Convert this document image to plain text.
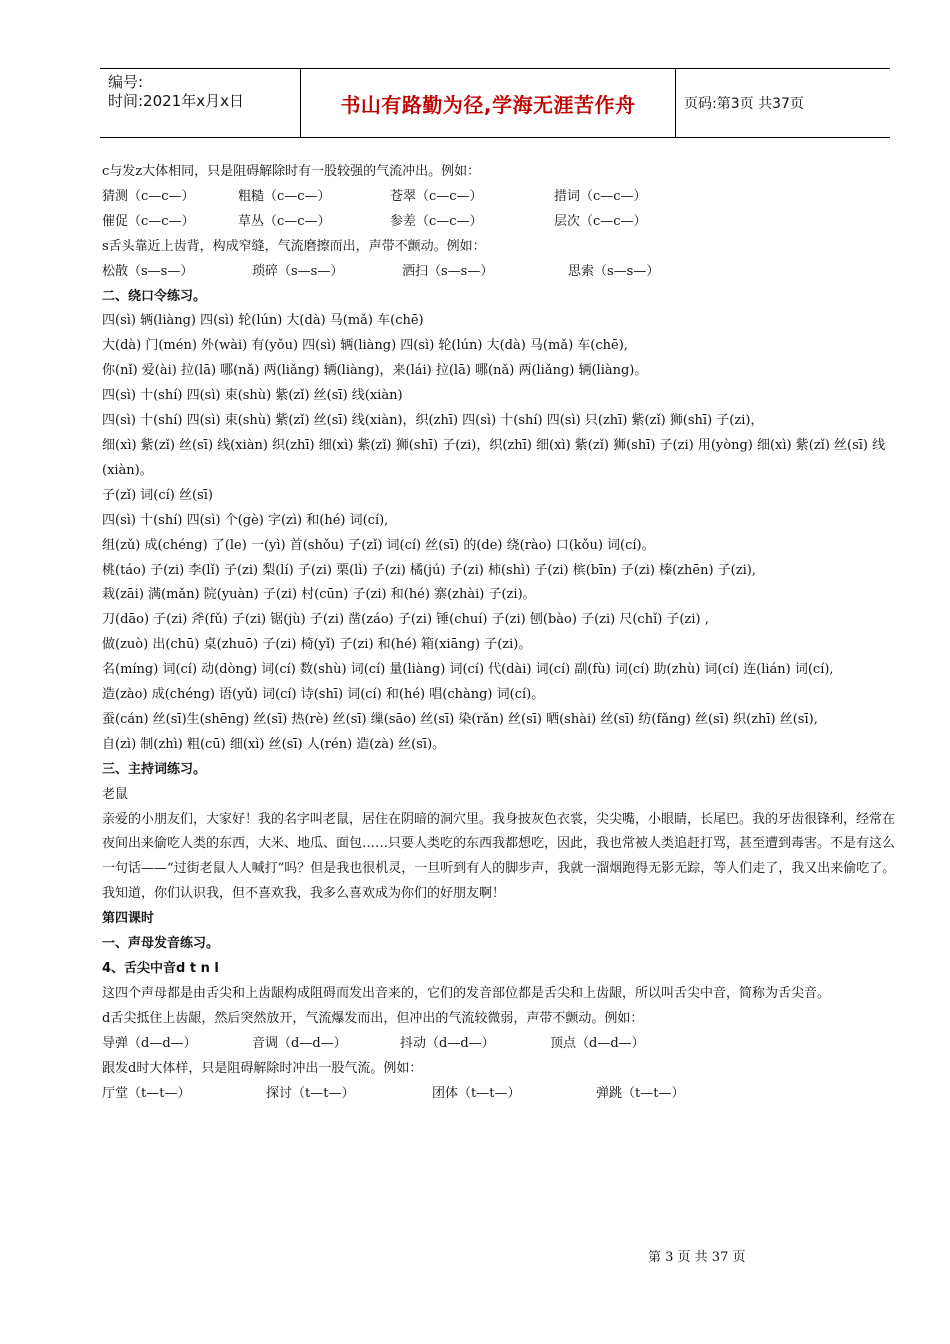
编号:
时间:2021年x月x日	书山有路勤为径,学海无涯苦作舟	页码:第3页 共37页

c与发z大体相同，只是阻碍解除时有一股较强的气流冲出。例如：

猜测（c—c—）	粗糙（c—c—）	苍翠（c—c—）	措词（c—c—）
催促（c—c—）	草丛（c—c—）	参差（c—c—）	层次（c—c—）

s舌头靠近上齿背，构成窄缝，气流磨擦而出，声带不颤动。例如：

松散（s—s—）	琐碎（s—s—）	洒扫（s—s—）	思索（s—s—）

二、绕口令练习。

四(sì) 辆(liàng) 四(sì) 轮(lún) 大(dà) 马(mǎ) 车(chē)

大(dà) 门(mén) 外(wài) 有(yǒu) 四(sì) 辆(liàng) 四(sì) 轮(lún) 大(dà) 马(mǎ) 车(chē),

你(nǐ) 爱(ài) 拉(lā) 哪(nǎ) 两(liǎng) 辆(liàng)，来(lái) 拉(lā) 哪(nǎ) 两(liǎng) 辆(liàng)。

四(sì) 十(shí) 四(sì) 束(shù) 紫(zǐ) 丝(sī) 线(xiàn)

四(sì) 十(shí) 四(sì) 束(shù) 紫(zǐ) 丝(sī) 线(xiàn)，织(zhī) 四(sì) 十(shí) 四(sì) 只(zhī) 紫(zǐ) 狮(shī) 子(zi)，

细(xì) 紫(zǐ) 丝(sī) 线(xiàn) 织(zhī) 细(xì) 紫(zǐ) 狮(shī) 子(zi)，织(zhī) 细(xì) 紫(zǐ) 狮(shī) 子(zi) 用(yòng) 细(xì) 紫(zǐ) 丝(sī) 线(xiàn)。

子(zǐ) 词(cí) 丝(sī)

四(sì) 十(shí) 四(sì) 个(gè) 字(zì) 和(hé) 词(cí),

组(zǔ) 成(chéng) 了(le) 一(yì) 首(shǒu) 子(zǐ) 词(cí) 丝(sī) 的(de) 绕(rào) 口(kǒu) 词(cí)。

桃(táo) 子(zi) 李(lǐ) 子(zi) 梨(lí) 子(zi) 栗(lì) 子(zi) 橘(jú) 子(zi) 柿(shì) 子(zi) 槟(bīn) 子(zi) 榛(zhēn) 子(zi),

栽(zāi) 满(mǎn) 院(yuàn) 子(zi) 村(cūn) 子(zi) 和(hé) 寨(zhài) 子(zi)。

刀(dāo) 子(zi) 斧(fǔ) 子(zi) 锯(jù) 子(zi) 凿(záo) 子(zi) 锤(chuí) 子(zi) 刨(bào) 子(zi) 尺(chǐ) 子(zi) ,

做(zuò) 出(chū) 桌(zhuō) 子(zi) 椅(yǐ) 子(zi) 和(hé) 箱(xiāng) 子(zi)。

名(míng) 词(cí) 动(dòng) 词(cí) 数(shù) 词(cí) 量(liàng) 词(cí) 代(dài) 词(cí) 副(fù) 词(cí) 助(zhù) 词(cí) 连(lián) 词(cí),

造(zào) 成(chéng) 语(yǔ) 词(cí) 诗(shī) 词(cí) 和(hé) 唱(chàng) 词(cí)。

蚕(cán) 丝(sī)生(shēng) 丝(sī) 热(rè) 丝(sī) 缫(sāo) 丝(sī) 染(rǎn) 丝(sī) 晒(shài) 丝(sī) 纺(fǎng) 丝(sī) 织(zhī) 丝(sī),

自(zì) 制(zhì) 粗(cū) 细(xì) 丝(sī) 人(rén) 造(zà) 丝(sī)。

三、主持词练习。

老鼠

亲爱的小朋友们，大家好！我的名字叫老鼠，居住在阴暗的洞穴里。我身披灰色衣裳，尖尖嘴，小眼睛，长尾巴。我的牙齿很锋利，经常在夜间出来偷吃人类的东西，大米、地瓜、面包……只要人类吃的东西我都想吃，因此，我也常被人类追赶打骂，甚至遭到毒害。不是有这么一句话——“过街老鼠人人喊打”吗？但是我也很机灵，一旦听到有人的脚步声，我就一溜烟跑得无影无踪，等人们走了，我又出来偷吃了。我知道，你们认识我，但不喜欢我，我多么喜欢成为你们的好朋友啊！

第四课时

一、声母发音练习。

4、舌尖中音d t n l

这四个声母都是由舌尖和上齿龈构成阻碍而发出音来的，它们的发音部位都是舌尖和上齿龈，所以叫舌尖中音，简称为舌尖音。

d舌尖抵住上齿龈，然后突然放开，气流爆发而出，但冲出的气流较微弱，声带不颤动。例如：

导弹（d—d—）	音调（d—d—）	抖动（d—d—）	顶点（d—d—）

跟发d时大体样，只是阻碍解除时冲出一股气流。例如：

厅堂（t—t—）	探讨（t—t—）	团体（t—t—）	弹跳（t—t—）
第 3 页 共 37 页
